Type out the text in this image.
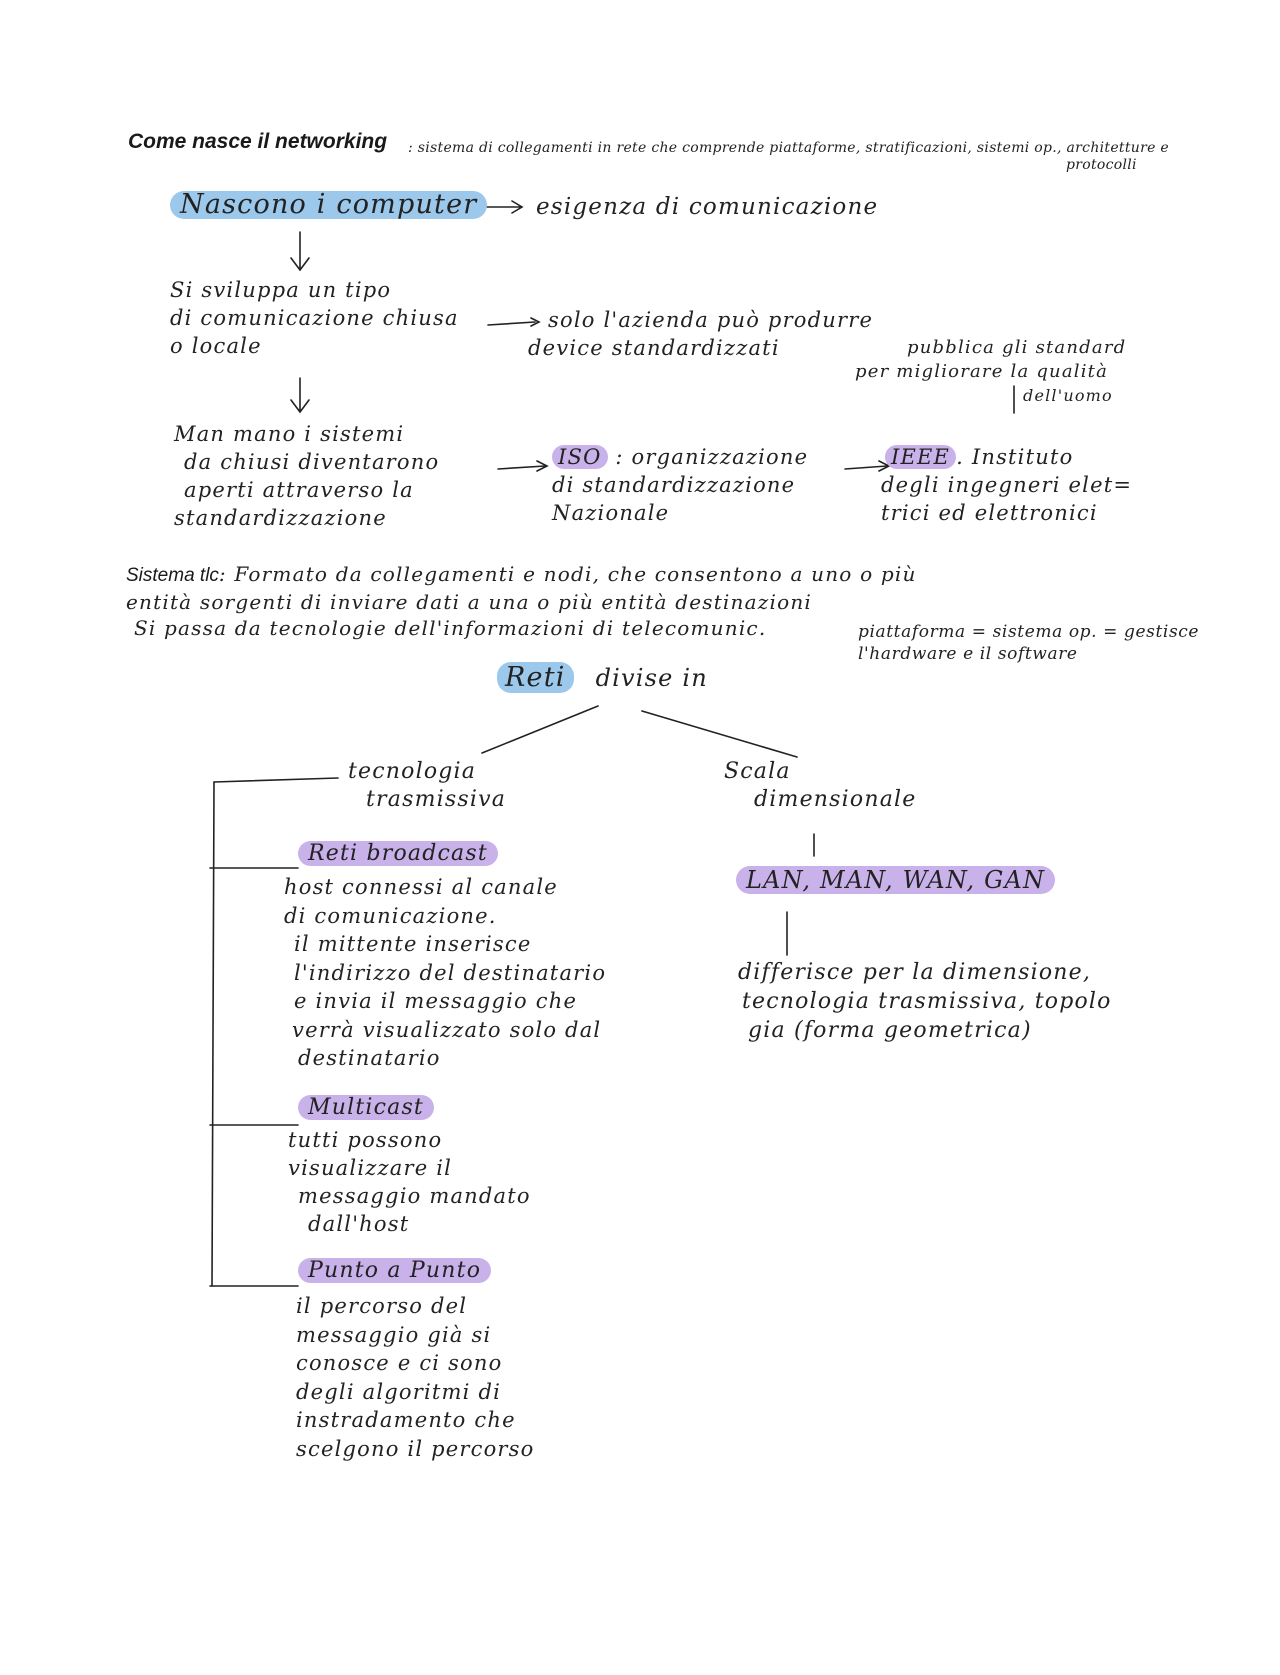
Come nasce il networking : sistema di collegamenti in rete che comprende piattaforme, stratificazioni, sistemi op., architetture e
protocolli
Nascono i computer	esigenza di comunicazione
Si sviluppa un tipo
di comunicazione chiusa
o locale
solo l'azienda può produrre
device standardizzati	pubblica gli standard
per migliorare la qualità
dell'uomo
Man mano i sistemi
da chiusi diventarono
aperti attraverso la
standardizzazione
ISO : organizzazione
di standardizzazione
Nazionale
IEEE . Instituto
degli ingegneri elet=
trici ed elettronici
Sistema tlc: Formato da collegamenti e nodi, che consentono a uno o più
entità sorgenti di inviare dati a una o più entità destinazioni
Si passa da tecnologie dell'informazioni di telecomunic.	piattaforma = sistema op. = gestisce
l'hardware e il software
Reti divise in
tecnologia
trasmissiva
Scala
dimensionale
Reti broadcast
host connessi al canale
di comunicazione.
il mittente inserisce
l'indirizzo del destinatario
e invia il messaggio che
verrà visualizzato solo dal
destinatario
LAN, MAN, WAN, GAN
differisce per la dimensione,
tecnologia trasmissiva, topolo
gia (forma geometrica)
Multicast
tutti possono
visualizzare il
messaggio mandato
dall'host
Punto a Punto
il percorso del
messaggio già si
conosce e ci sono
degli algoritmi di
instradamento che
scelgono il percorso
